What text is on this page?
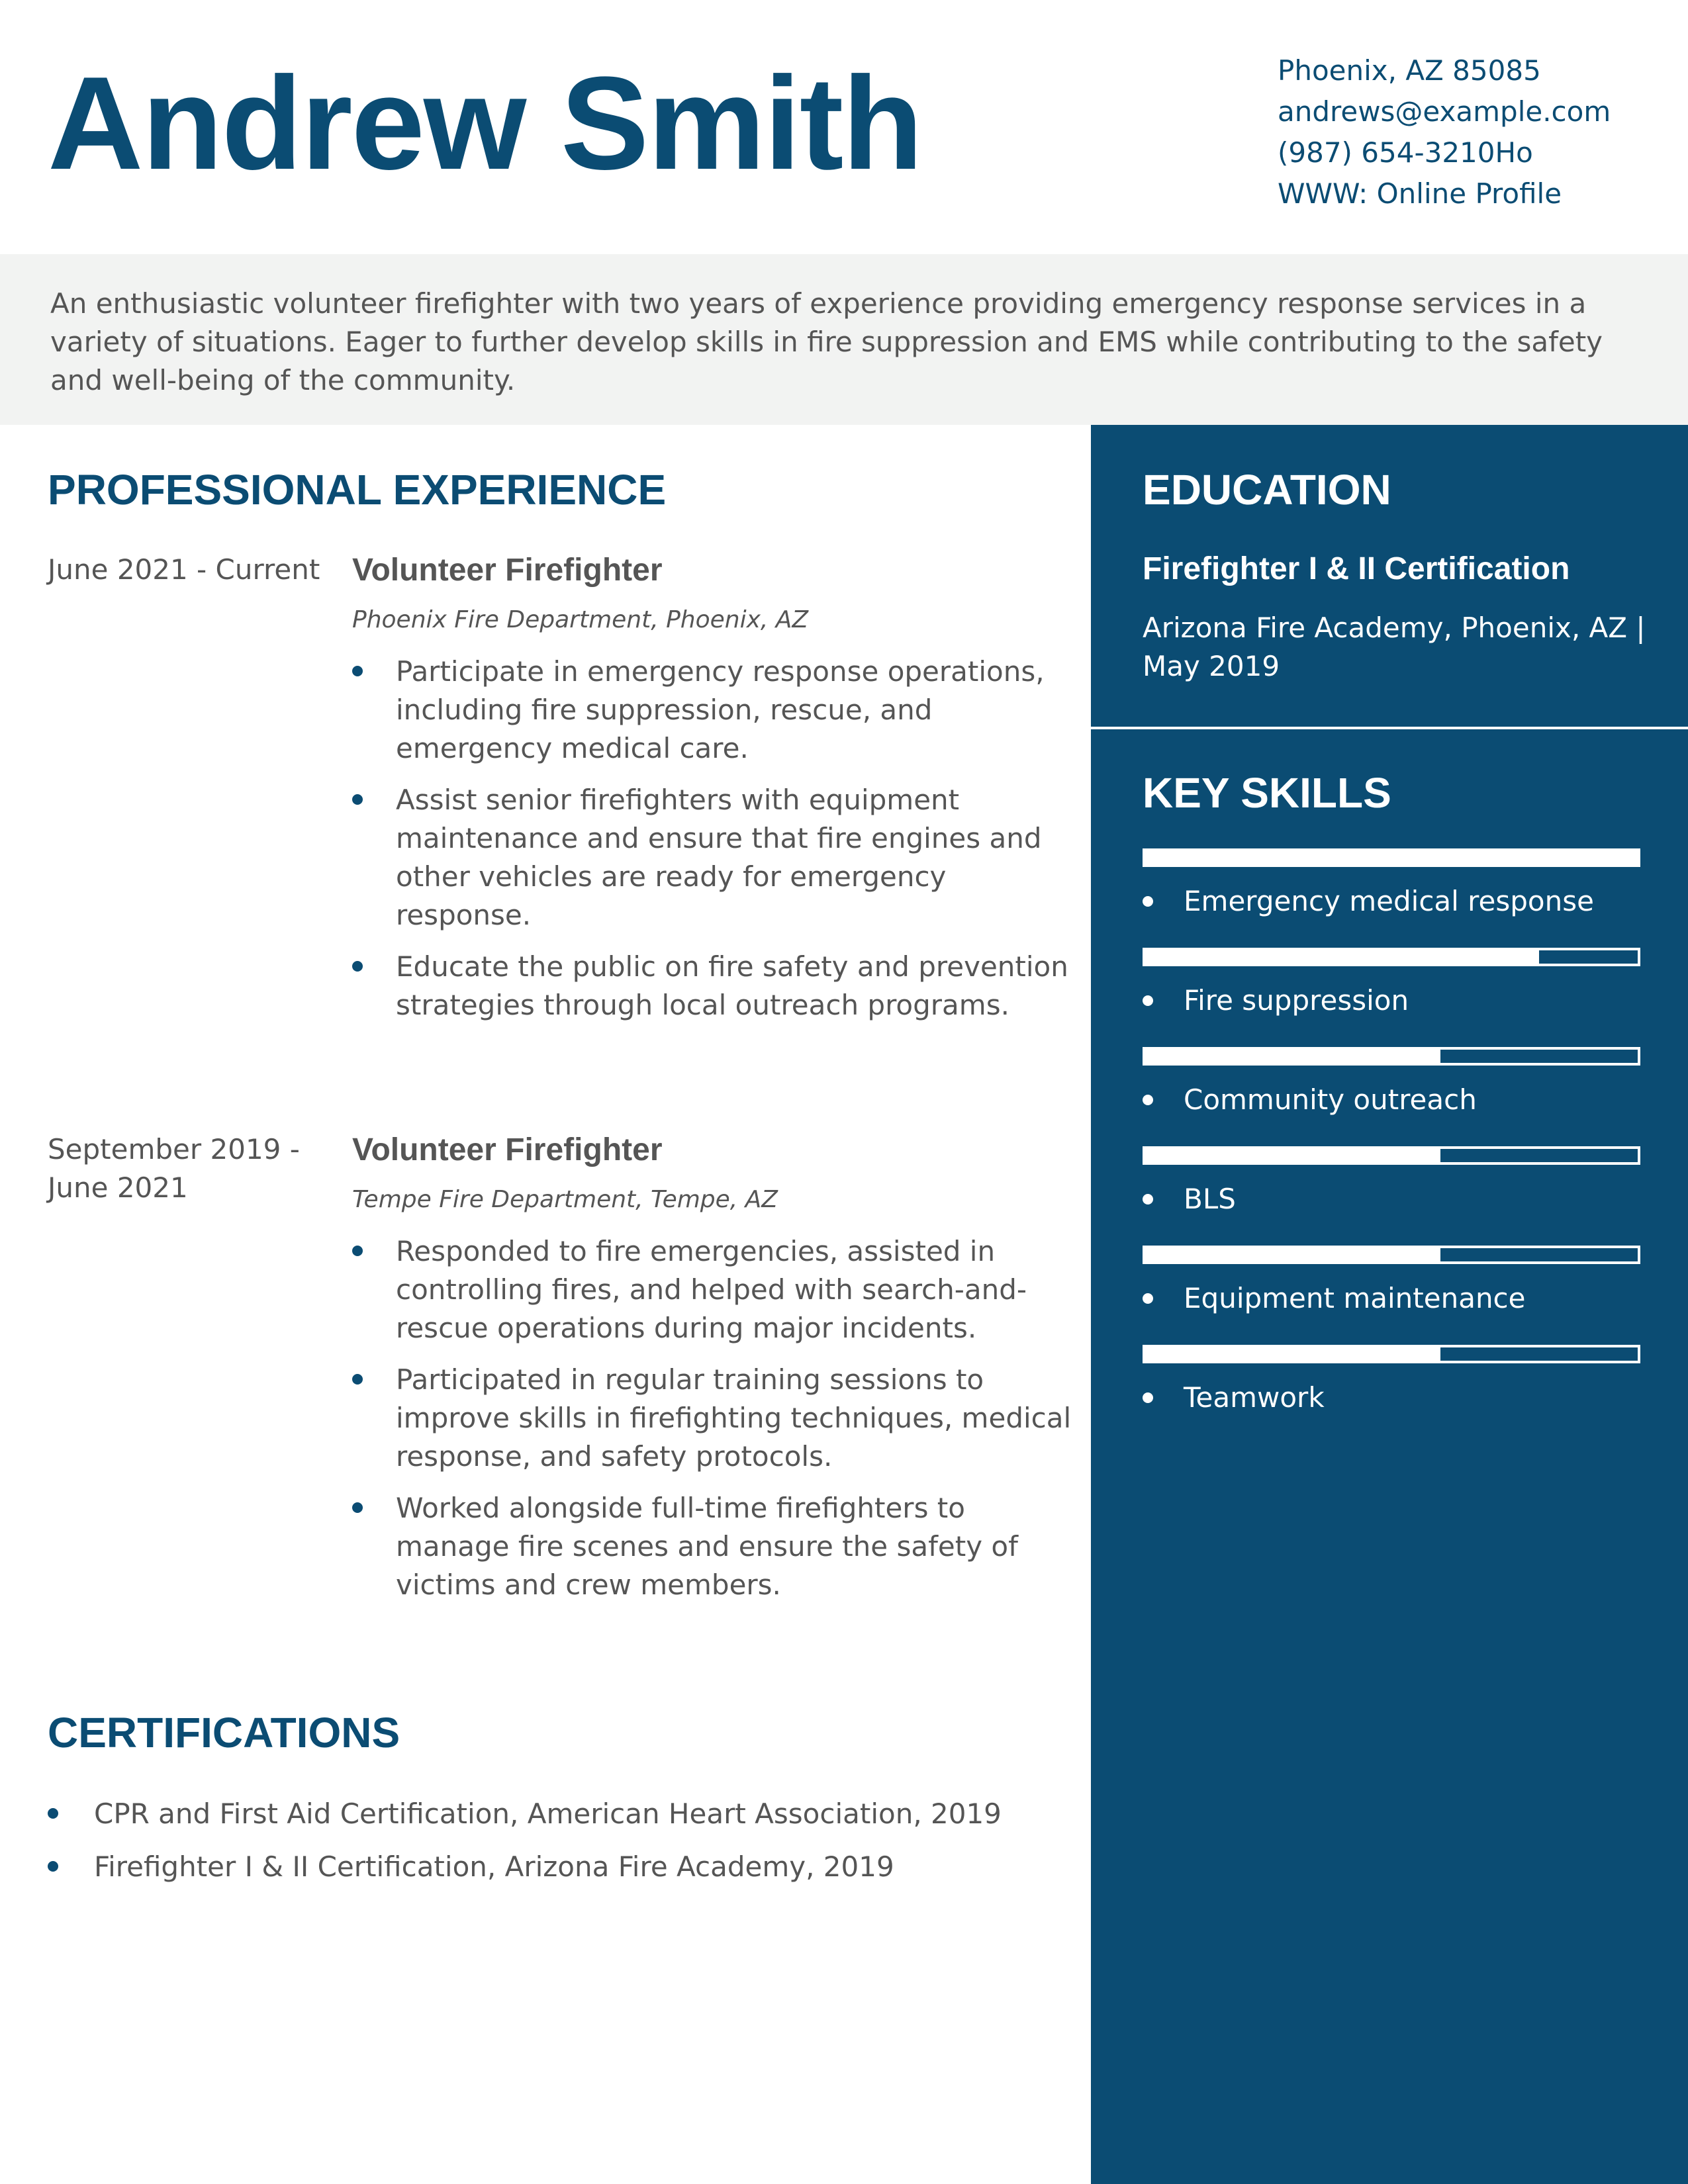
Andrew Smith	Phoenix, AZ 85085
andrews@example.com
(987) 654-3210Ho
WWW: Online Profile

An enthusiastic volunteer firefighter with two years of experience providing emergency response services in a variety of situations. Eager to further develop skills in fire suppression and EMS while contributing to the safety and well-being of the community.

PROFESSIONAL EXPERIENCE
June 2021 - Current Volunteer Firefighter

Phoenix Fire Department, Phoenix, AZ

Participate in emergency response operations, including fire suppression, rescue, and emergency medical care.
Assist senior firefighters with equipment maintenance and ensure that fire engines and other vehicles are ready for emergency response.
Educate the public on fire safety and prevention strategies through local outreach programs.
September 2019 - June 2021
Volunteer Firefighter

Tempe Fire Department, Tempe, AZ

Responded to fire emergencies, assisted in controlling fires, and helped with search-and-rescue operations during major incidents.
Participated in regular training sessions to improve skills in firefighting techniques, medical response, and safety protocols.
Worked alongside full-time firefighters to manage fire scenes and ensure the safety of victims and crew members.
CERTIFICATIONS
CPR and First Aid Certification, American Heart Association, 2019
Firefighter I & II Certification, Arizona Fire Academy, 2019
EDUCATION
Firefighter I & II Certification
Arizona Fire Academy, Phoenix, AZ | May 2019
KEY SKILLS
Emergency medical response
Fire suppression
Community outreach
BLS
Equipment maintenance
Teamwork
